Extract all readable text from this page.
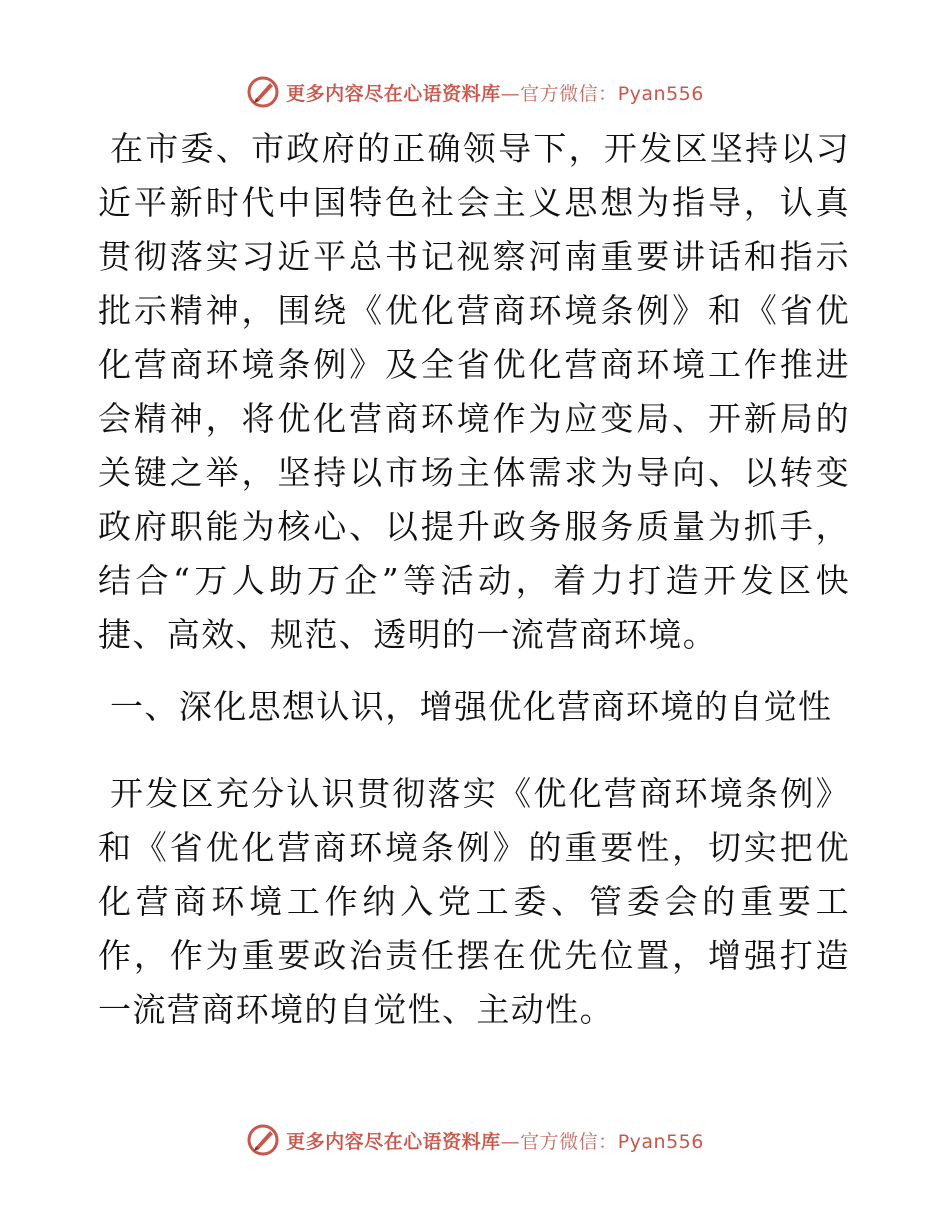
更多内容尽在心语资料库—官方微信：Pyan556

在市委、市政府的正确领导下，开发区坚持以习近平新时代中国特色社会主义思想为指导，认真贯彻落实习近平总书记视察河南重要讲话和指示批示精神，围绕《优化营商环境条例》和《省优化营商环境条例》及全省优化营商环境工作推进会精神，将优化营商环境作为应变局、开新局的关键之举，坚持以市场主体需求为导向、以转变政府职能为核心、以提升政务服务质量为抓手，结合“万人助万企”等活动，着力打造开发区快捷、高效、规范、透明的一流营商环境。

一、深化思想认识，增强优化营商环境的自觉性

开发区充分认识贯彻落实《优化营商环境条例》和《省优化营商环境条例》的重要性，切实把优化营商环境工作纳入党工委、管委会的重要工作，作为重要政治责任摆在优先位置，增强打造一流营商环境的自觉性、主动性。

更多内容尽在心语资料库—官方微信：Pyan556
